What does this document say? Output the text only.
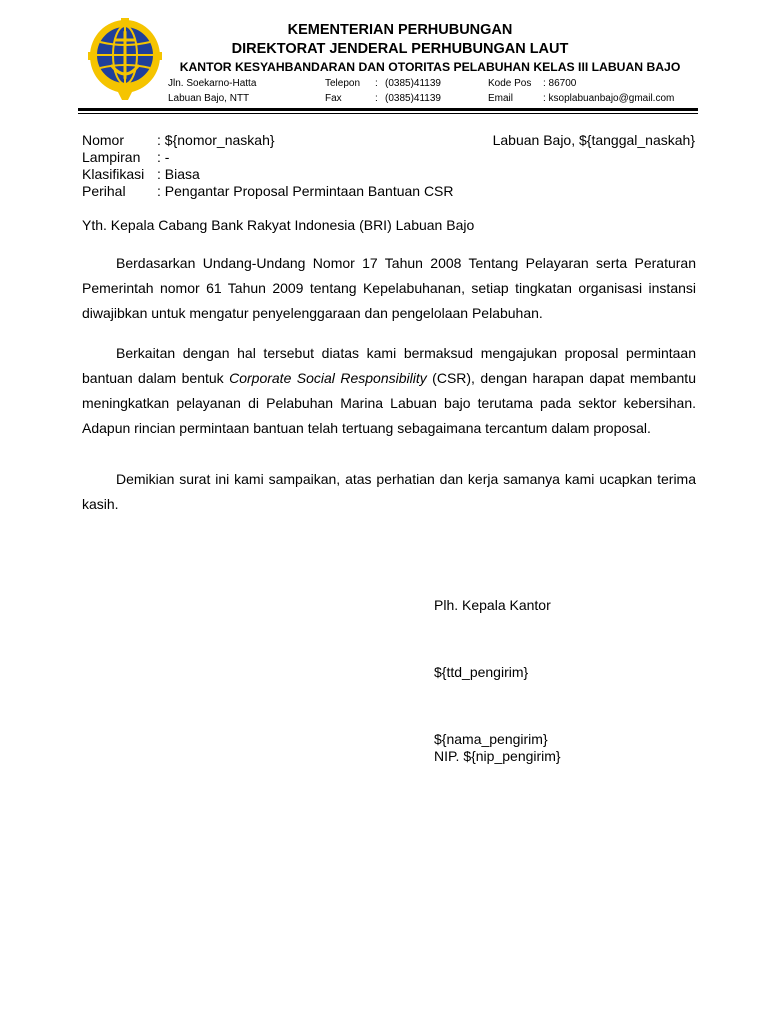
KEMENTERIAN PERHUBUNGAN
DIREKTORAT JENDERAL PERHUBUNGAN LAUT
KANTOR KESYAHBANDARAN DAN OTORITAS PELABUHAN KELAS III LABUAN BAJO
Jln. Soekarno-Hatta	Telepon : (0385)41139	Kode Pos : 86700
Labuan Bajo, NTT	Fax	: (0385)41139	Email	: ksoplabuanbajo@gmail.com
Nomor : ${nomor_naskah}	Labuan Bajo, ${tanggal_naskah}
Lampiran : -
Klasifikasi : Biasa
Perihal : Pengantar Proposal Permintaan Bantuan CSR
Yth. Kepala Cabang Bank Rakyat Indonesia (BRI) Labuan Bajo

Berdasarkan Undang-Undang Nomor 17 Tahun 2008 Tentang Pelayaran serta Peraturan Pemerintah nomor 61 Tahun 2009 tentang Kepelabuhanan, setiap tingkatan organisasi instansi diwajibkan untuk mengatur penyelenggaraan dan pengelolaan Pelabuhan.

Berkaitan dengan hal tersebut diatas kami bermaksud mengajukan proposal permintaan bantuan dalam bentuk Corporate Social Responsibility (CSR), dengan harapan dapat membantu meningkatkan pelayanan di Pelabuhan Marina Labuan bajo terutama pada sektor kebersihan. Adapun rincian permintaan bantuan telah tertuang sebagaimana tercantum dalam proposal.

Demikian surat ini kami sampaikan, atas perhatian dan kerja samanya kami ucapkan terima kasih.

Plh. Kepala Kantor
${ttd_pengirim}
${nama_pengirim}
NIP. ${nip_pengirim}
